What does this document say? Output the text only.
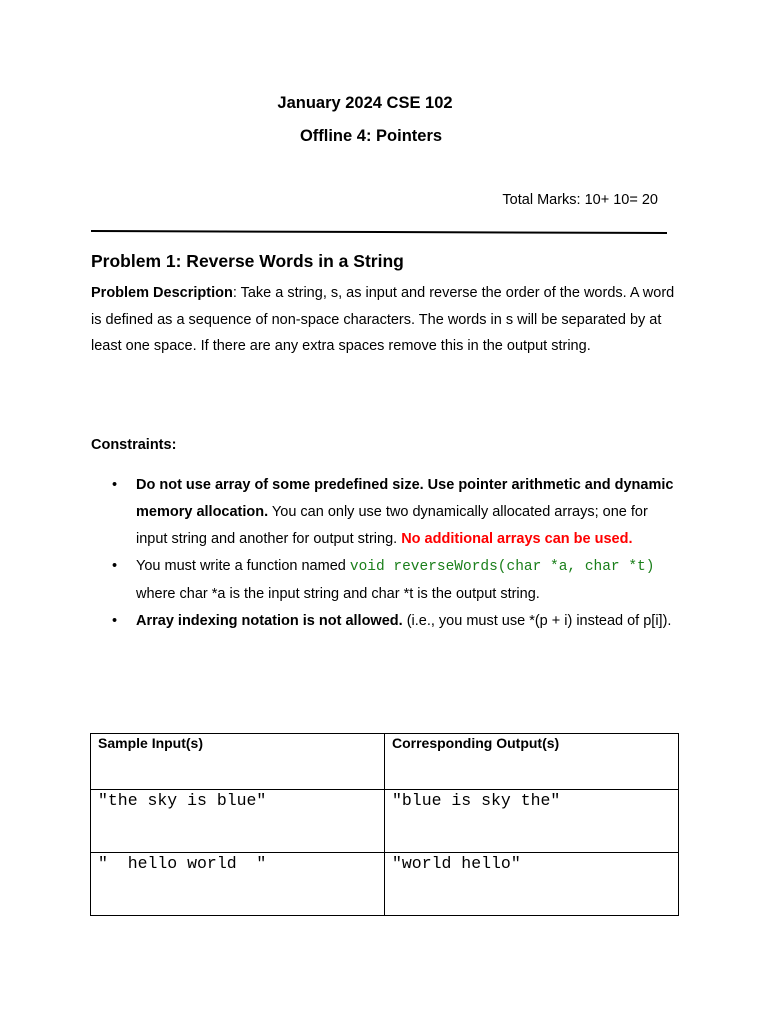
January 2024 CSE 102
Offline 4: Pointers
Total Marks: 10+ 10= 20
Problem 1: Reverse Words in a String
Problem Description: Take a string, s, as input and reverse the order of the words. A word is defined as a sequence of non-space characters. The words in s will be separated by at least one space. If there are any extra spaces remove this in the output string.
Constraints:
• Do not use array of some predefined size. Use pointer arithmetic and dynamic memory allocation. You can only use two dynamically allocated arrays; one for input string and another for output string. No additional arrays can be used.
• You must write a function named void reverseWords(char *a, char *t) where char *a is the input string and char *t is the output string.
• Array indexing notation is not allowed. (i.e., you must use *(p + i) instead of p[i]).
Sample Input(s)	Corresponding Output(s)
"the sky is blue"	"blue is sky the"
"  hello world  "	"world hello"
